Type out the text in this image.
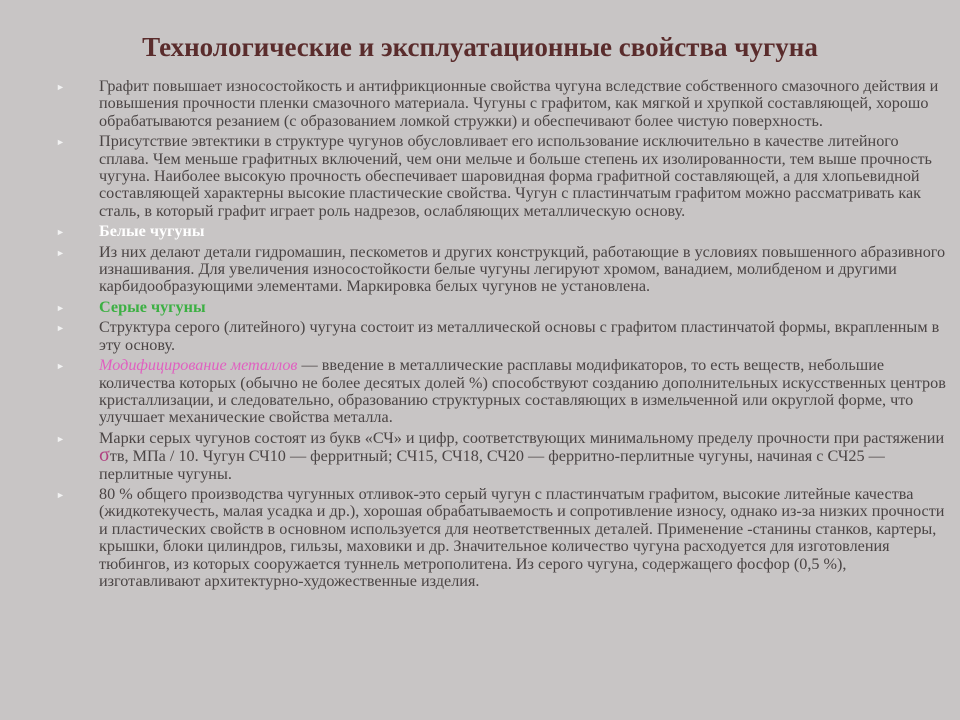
Технологические и эксплуатационные свойства чугуна
► Графит повышает износостойкость и антифрикционные свойства чугуна вследствие собственного смазочного действия и повышения прочности пленки смазочного материала. Чугуны с графитом, как мягкой и хрупкой составляющей, хорошо обрабатываются резанием (с образованием ломкой стружки) и обеспечивают более чистую поверхность.
► Присутствие эвтектики в структуре чугунов обусловливает его использование исключительно в качестве литейного сплава. Чем меньше графитных включений, чем они мельче и больше степень их изолированности, тем выше прочность чугуна. Наиболее высокую прочность обеспечивает шаровидная форма графитной составляющей, а для хлопьевидной составляющей характерны высокие пластические свойства. Чугун с пластинчатым графитом можно рассматривать как сталь, в который графит играет роль надрезов, ослабляющих металлическую основу.
► Белые чугуны
► Из них делают детали гидромашин, пескометов и других конструкций, работающие в условиях повышенного абразивного изнашивания. Для увеличения износостойкости белые чугуны легируют хромом, ванадием, молибденом и другими карбидообразующими элементами. Маркировка белых чугунов не установлена.
► Серые чугуны
► Структура серого (литейного) чугуна состоит из металлической основы с графитом пластинчатой формы, вкрапленным в эту основу.
► Модифицирование металлов — введение в металлические расплавы модификаторов, то есть веществ, небольшие количества которых (обычно не более десятых долей %) способствуют созданию дополнительных искусственных центров кристаллизации, и следовательно, образованию структурных составляющих в измельченной или округлой форме, что улучшает механические свойства металла.
► Марки серых чугунов состоят из букв «СЧ» и цифр, соответствующих минимальному пределу прочности при растяжении σтв, МПа / 10. Чугун СЧ10 — ферритный; СЧ15, СЧ18, СЧ20 — ферритно-перлитные чугуны, начиная с СЧ25 — перлитные чугуны.
► 80 % общего производства чугунных отливок-это серый чугун с пластинчатым графитом, высокие литейные качества (жидкотекучесть, малая усадка и др.), хорошая обрабатываемость и сопротивление износу, однако из-за низких прочности и пластических свойств в основном используется для неответственных деталей. Применение -станины станков, картеры, крышки, блоки цилиндров, гильзы, маховики и др. Значительное количество чугуна расходуется для изготовления тюбингов, из которых сооружается туннель метрополитена. Из серого чугуна, содержащего фосфор (0,5 %), изготавливают архитектурно-художественные изделия.
